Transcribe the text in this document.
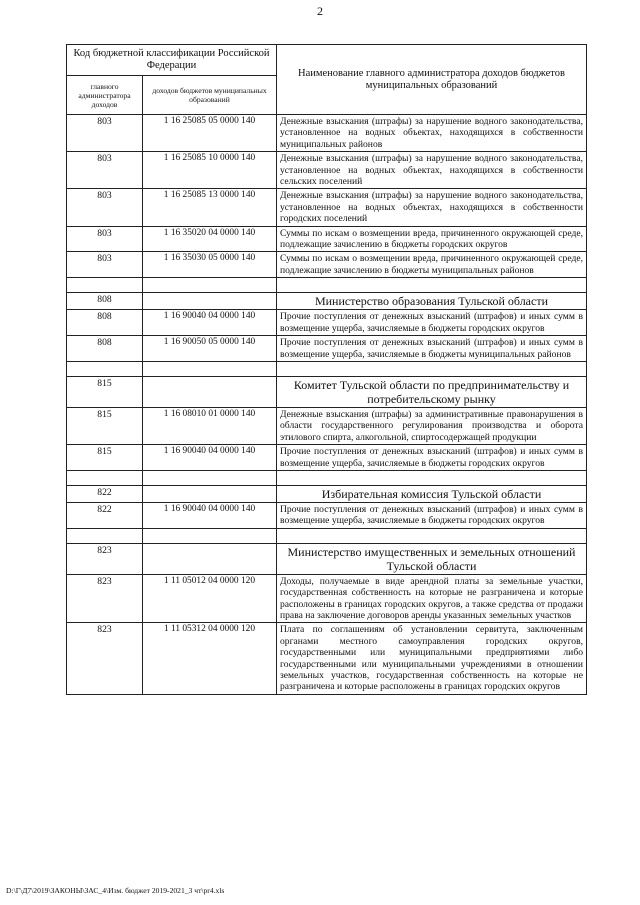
2
Код бюджетной классификации Российской Федерации		Наименование главного администратора доходов бюджетов муниципальных образований
главного администратора доходов	доходов бюджетов муниципальных образований	
803	1 16 25085 05 0000 140	Денежные взыскания (штрафы) за нарушение водного законодательства, установленное на водных объектах, находящихся в собственности муниципальных районов
803	1 16 25085 10 0000 140	Денежные взыскания (штрафы) за нарушение водного законодательства, установленное на водных объектах, находящихся в собственности сельских поселений
803	1 16 25085 13 0000 140	Денежные взыскания (штрафы) за нарушение водного законодательства, установленное на водных объектах, находящихся в собственности городских поселений
803	1 16 35020 04 0000 140	Суммы по искам о возмещении вреда, причиненного окружающей среде, подлежащие зачислению в бюджеты городских округов
803	1 16 35030 05 0000 140	Суммы по искам о возмещении вреда, причиненного окружающей среде, подлежащие зачислению в бюджеты муниципальных районов

808		Министерство образования Тульской области
808	1 16 90040 04 0000 140	Прочие поступления от денежных взысканий (штрафов) и иных сумм в возмещение ущерба, зачисляемые в бюджеты городских округов
808	1 16 90050 05 0000 140	Прочие поступления от денежных взысканий (штрафов) и иных сумм в возмещение ущерба, зачисляемые в бюджеты муниципальных районов

815		Комитет Тульской области по предпринимательству и потребительскому рынку
815	1 16 08010 01 0000 140	Денежные взыскания (штрафы) за административные правонарушения в области государственного регулирования производства и оборота этилового спирта, алкогольной, спиртосодержащей продукции
815	1 16 90040 04 0000 140	Прочие поступления от денежных взысканий (штрафов) и иных сумм в возмещение ущерба, зачисляемые в бюджеты городских округов

822		Избирательная комиссия Тульской области
822	1 16 90040 04 0000 140	Прочие поступления от денежных взысканий (штрафов) и иных сумм в возмещение ущерба, зачисляемые в бюджеты городских округов

823		Министерство имущественных и земельных отношений Тульской области
823	1 11 05012 04 0000 120	Доходы, получаемые в виде арендной платы за земельные участки, государственная собственность на которые не разграничена и которые расположены в границах городских округов, а также средства от продажи права на заключение договоров аренды указанных земельных участков
823	1 11 05312 04 0000 120	Плата по соглашениям об установлении сервитута, заключенным органами местного самоуправления городских округов, государственными или муниципальными предприятиями либо государственными или муниципальными учреждениями в отношении земельных участков, государственная собственность на которые не разграничена и которые расположены в границах городских округов
D:\Г\Д7\2019\ЗАКОНЫ\ЗАС_4\Изм. бюджет 2019-2021_3 чт\pr4.xls
